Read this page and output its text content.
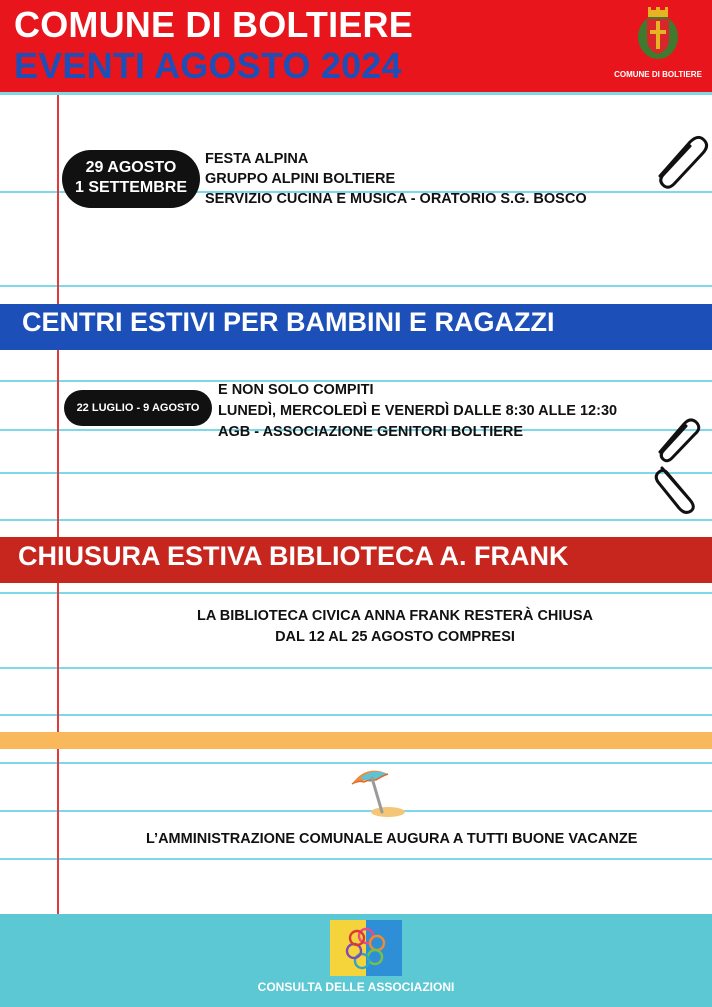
COMUNE DI BOLTIERE
EVENTI AGOSTO 2024	COMUNE DI BOLTIERE
29 AGOSTO
1 SETTEMBRE
FESTA ALPINA
GRUPPO ALPINI BOLTIERE
SERVIZIO CUCINA E MUSICA - ORATORIO S.G. BOSCO
CENTRI ESTIVI PER BAMBINI E RAGAZZI
22 LUGLIO - 9 AGOSTO
E NON SOLO COMPITI
LUNEDÌ, MERCOLEDÌ E VENERDÌ DALLE 8:30 ALLE 12:30
AGB - ASSOCIAZIONE GENITORI BOLTIERE
CHIUSURA ESTIVA BIBLIOTECA A. FRANK
LA BIBLIOTECA CIVICA ANNA FRANK RESTERÀ CHIUSA
DAL 12 AL 25 AGOSTO COMPRESI
L’AMMINISTRAZIONE COMUNALE AUGURA A TUTTI BUONE VACANZE
CONSULTA DELLE ASSOCIAZIONI
